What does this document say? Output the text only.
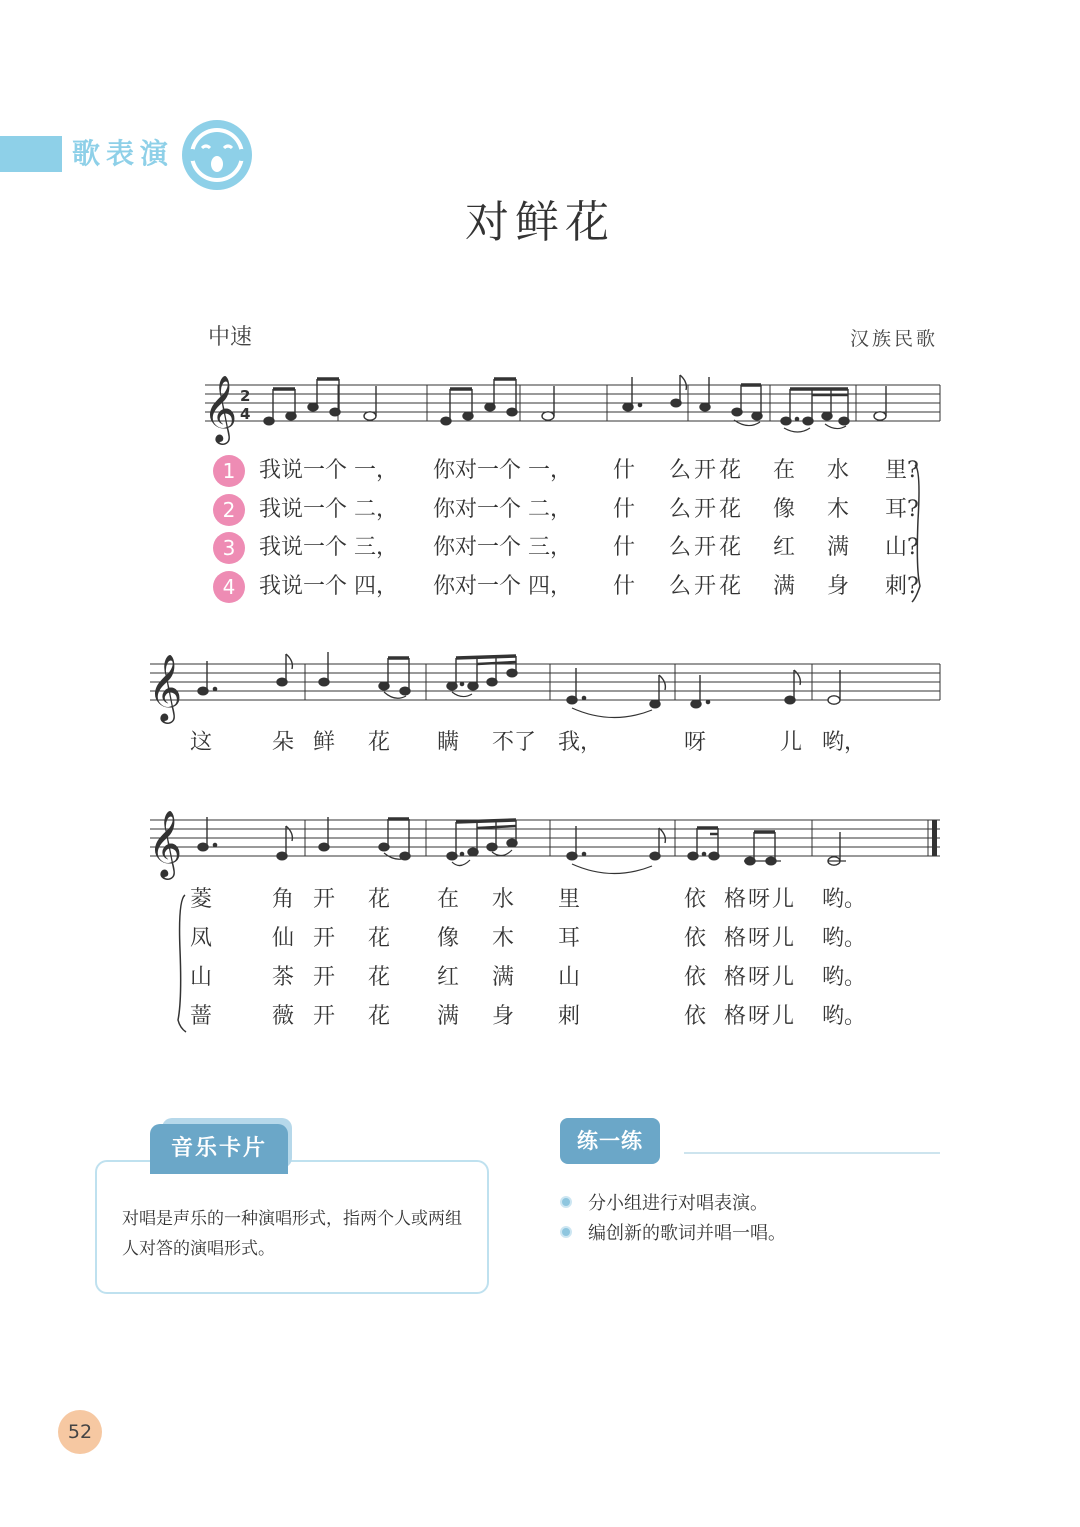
歌表演
对鲜花
中速	汉族民歌
𝄞
𝄞
𝄞
2
4
1	我说一个 一， 你对一个 一， 什 么开花 在 水 里?
2	我说一个 二， 你对一个 二， 什 么开花 像 木 耳?
3	我说一个 三， 你对一个 三， 什 么开花 红 满 山?
4	我说一个 四， 你对一个 四， 什 么开花 满 身 刺?
这	朵 鲜 花 瞒 不了 我，	呀	儿 哟，
菱	角 开 花 在 水 里	依 格呀儿 哟。
凤	仙 开 花 像 木 耳	依 格呀儿 哟。
山	茶 开 花 红 满 山	依 格呀儿 哟。
蔷	薇 开 花 满 身 刺	依 格呀儿 哟。
音乐卡片
对唱是声乐的一种演唱形式，指两个人或两组人对答的演唱形式。
练一练
分小组进行对唱表演。
编创新的歌词并唱一唱。
52
